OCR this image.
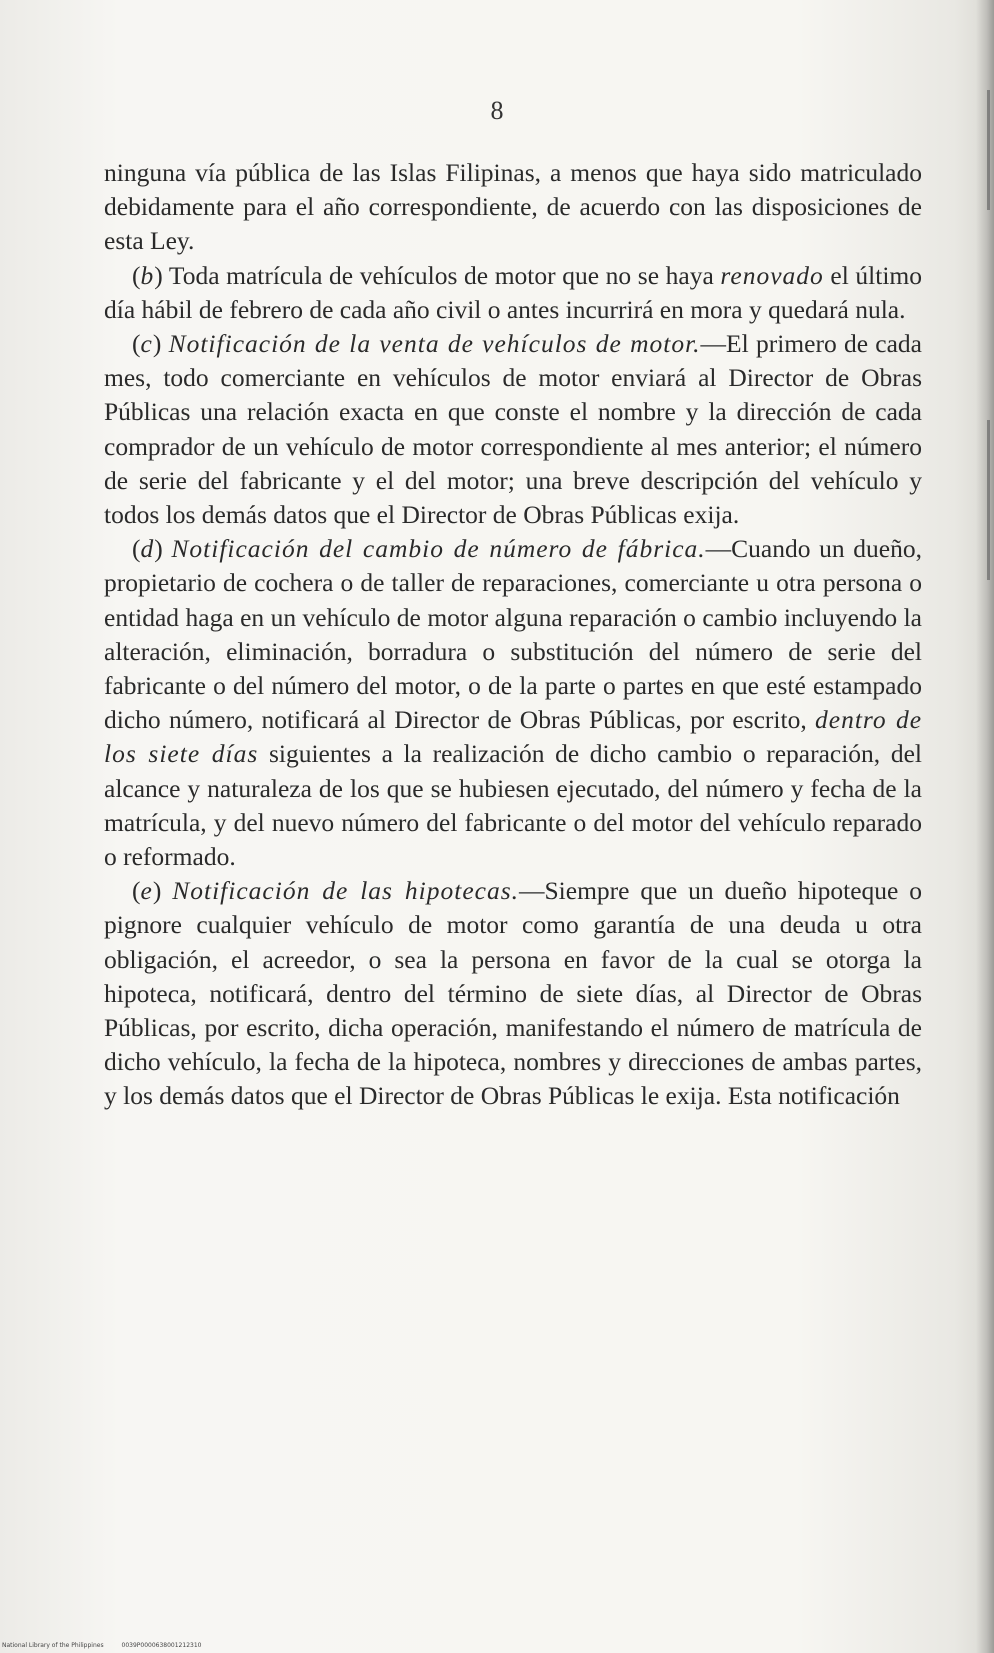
8

ninguna vía pública de las Islas Filipinas, a menos que haya sido matriculado debidamente para el año correspondiente, de acuerdo con las disposiciones de esta Ley.

(b) Toda matrícula de vehículos de motor que no se haya renovado el último día hábil de febrero de cada año civil o antes incurrirá en mora y quedará nula.

(c) Notificación de la venta de vehículos de motor.—El primero de cada mes, todo comerciante en vehículos de motor enviará al Director de Obras Públicas una relación exacta en que conste el nombre y la dirección de cada comprador de un vehículo de motor correspondiente al mes anterior; el número de serie del fabricante y el del motor; una breve descripción del vehículo y todos los demás datos que el Director de Obras Públicas exija.

(d) Notificación del cambio de número de fábrica.—Cuando un dueño, propietario de cochera o de taller de reparaciones, comerciante u otra persona o entidad haga en un vehículo de motor alguna reparación o cambio incluyendo la alteración, eliminación, borradura o substitución del número de serie del fabricante o del número del motor, o de la parte o partes en que esté estampado dicho número, notificará al Director de Obras Públicas, por escrito, dentro de los siete días siguientes a la realización de dicho cambio o reparación, del alcance y naturaleza de los que se hubiesen ejecutado, del número y fecha de la matrícula, y del nuevo número del fabricante o del motor del vehículo reparado o reformado.

(e) Notificación de las hipotecas.—Siempre que un dueño hipoteque o pignore cualquier vehículo de motor como garantía de una deuda u otra obligación, el acreedor, o sea la persona en favor de la cual se otorga la hipoteca, notificará, dentro del término de siete días, al Director de Obras Públicas, por escrito, dicha operación, manifestando el número de matrícula de dicho vehículo, la fecha de la hipoteca, nombres y direcciones de ambas partes, y los demás datos que el Director de Obras Públicas le exija. Esta notificación

National Library of the Philippines	0039P0000638001212310
